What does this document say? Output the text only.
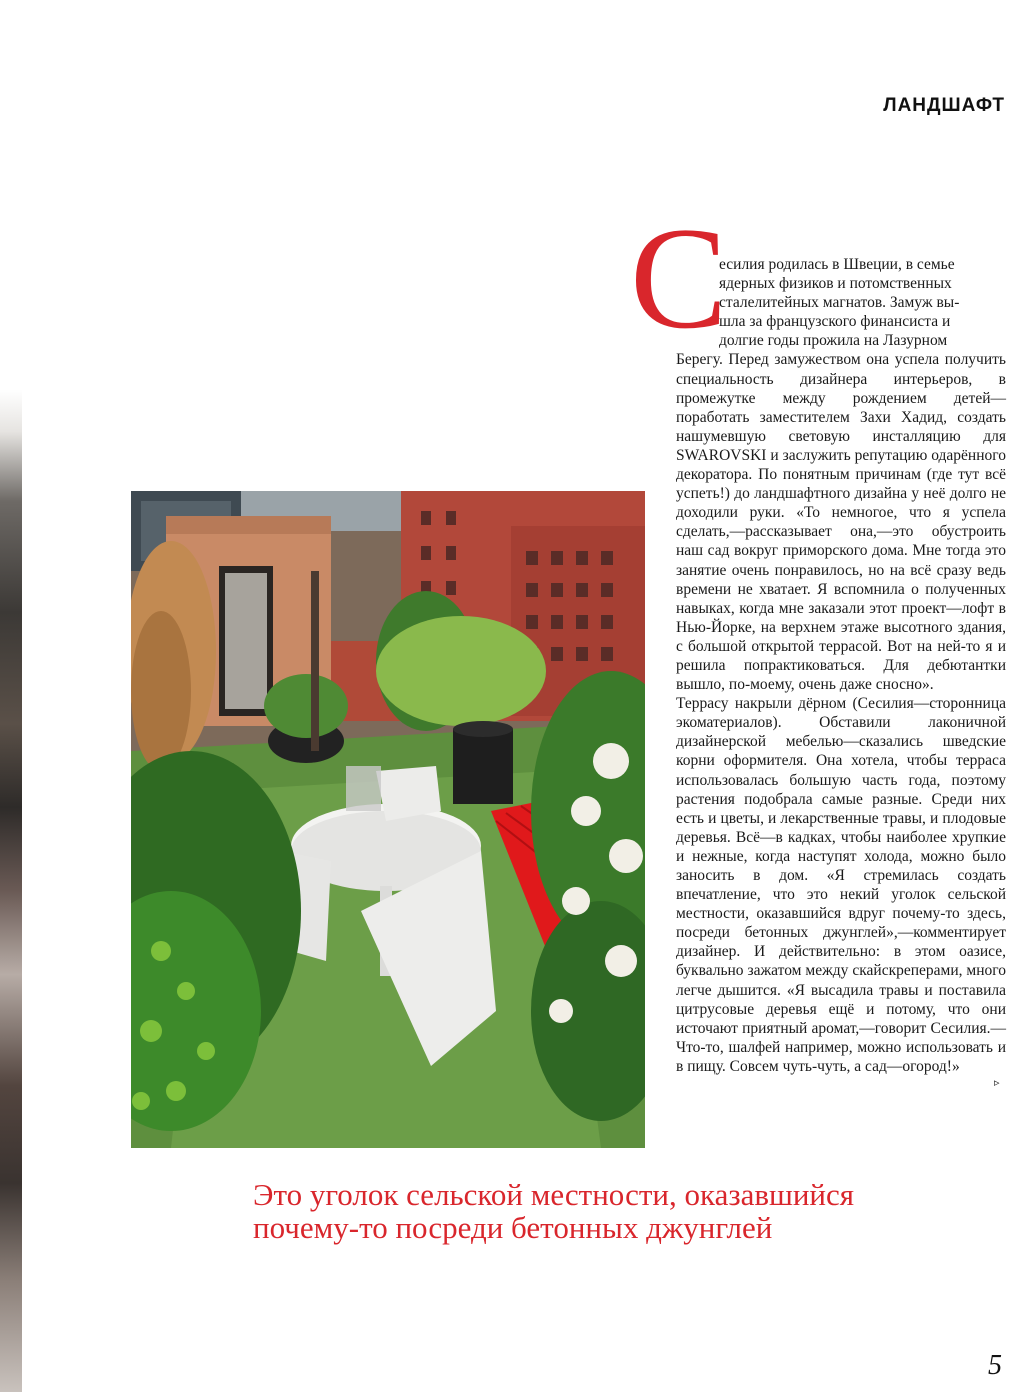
ЛАНДШАФТ
С

есилия родилась в Швеции, в семье

ядерных физиков и потомственных

сталелитейных магнатов. Замуж вы-

шла за французского финансиста и

долгие годы прожила на Лазурном

Берегу. Перед замужеством она успела получить специальность дизайнера интерьеров, в промежутке между рождением детей—поработать заместителем Захи Хадид, создать нашумевшую световую инсталляцию для SWAROVSKI и заслужить репутацию одарённого декоратора. По понятным причинам (где тут всё успеть!) до ландшафтного дизайна у неё долго не доходили руки. «То немногое, что я успела сделать,—рассказывает она,—это обустроить наш сад вокруг приморского дома. Мне тогда это занятие очень понравилось, но на всё сразу ведь времени не хватает. Я вспомнила о полученных навыках, когда мне заказали этот проект—лофт в Нью-Йорке, на верхнем этаже высотного здания, с большой открытой террасой. Вот на ней-то я и решила попрактиковаться. Для дебютантки вышло, по-моему, очень даже сносно».

Террасу накрыли дёрном (Сесилия—сторонница экоматериалов). Обставили лаконичной дизайнерской мебелью—сказались шведские корни оформителя. Она хотела, чтобы терраса использовалась большую часть года, поэтому растения подобрала самые разные. Среди них есть и цветы, и лекарственные травы, и плодовые деревья. Всё—в кадках, чтобы наиболее хрупкие и нежные, когда наступят холода, можно было заносить в дом. «Я стремилась создать впечатление, что это некий уголок сельской местности, оказавшийся вдруг почему-то здесь, посреди бетонных джунглей»,—комментирует дизайнер. И действительно: в этом оазисе, буквально зажатом между скайскреперами, много легче дышится. «Я высадила травы и поставила цитрусовые деревья ещё и потому, что они источают приятный аромат,—говорит Сесилия.—Что-то, шалфей например, можно использовать и в пищу. Совсем чуть-чуть, а сад—огород!»

▹
Это уголок сельской местности, оказавшийся
почему-то посреди бетонных джунглей
5
